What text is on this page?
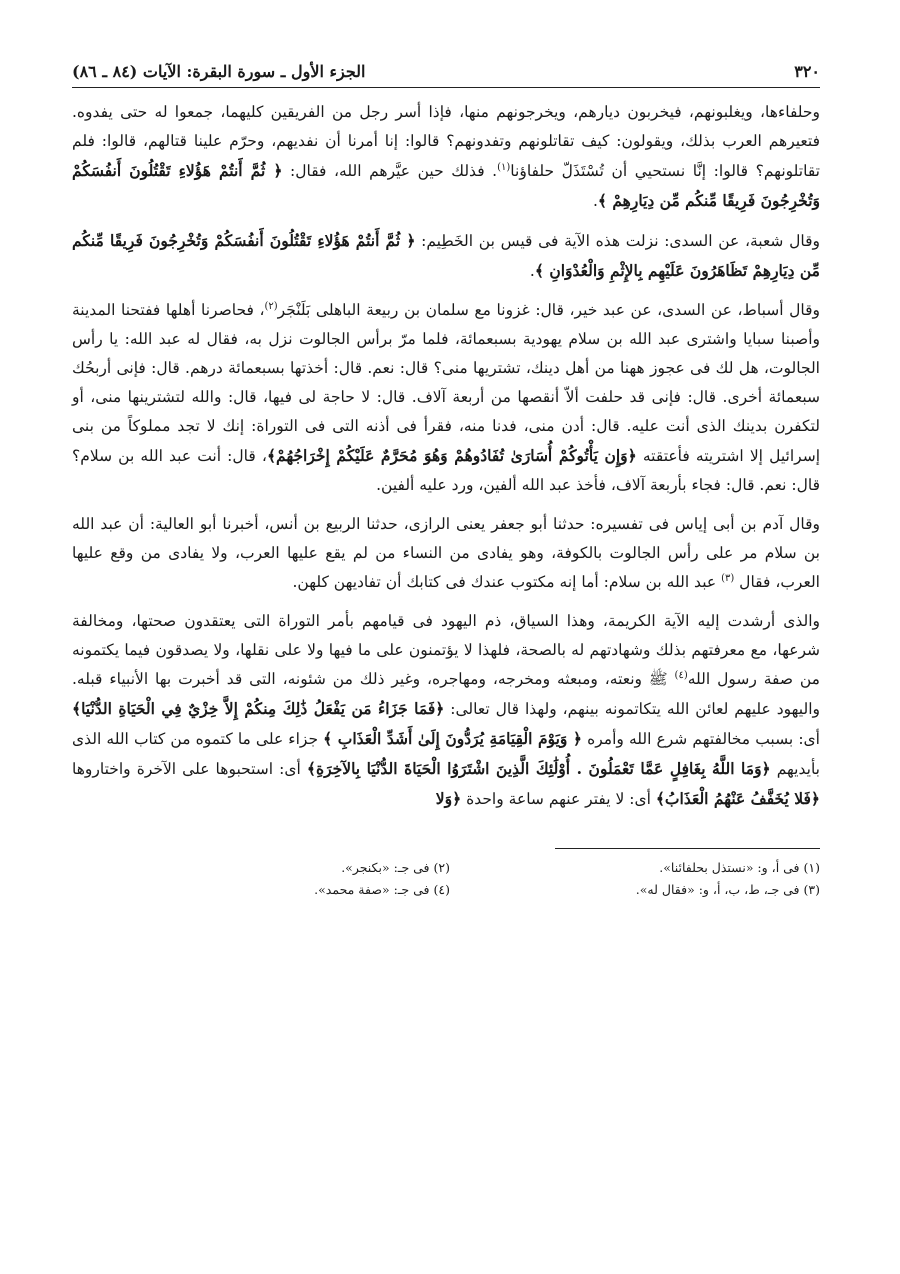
٣٢٠
الجزء الأول ـ سورة البقرة: الآيات (٨٤ ـ ٨٦)

وحلفاءها، ويغلبونهم، فيخربون ديارهم، ويخرجونهم منها، فإذا أسر رجل من الفريقين كليهما، جمعوا له حتى يفدوه. فتعيرهم العرب بذلك، ويقولون: كيف تقاتلونهم وتفدونهم؟ قالوا: إنا أمرنا أن نفديهم، وحرّم علينا قتالهم، قالوا: فلم تقاتلونهم؟ قالوا: إنَّا نستحيي أن تُسْتَذَلّ حلفاؤنا$^{(١)}$. فذلك حين عيَّرهم الله، فقال: ﴿ ثُمَّ أَنتُمْ هَؤُلاءِ تَقْتُلُونَ أَنفُسَكُمْ وَتُخْرِجُونَ فَرِيقًا مِّنكُم مِّن دِيَارِهِمْ ﴾.

وقال شعبة، عن السدى: نزلت هذه الآية فى قيس بن الخَطِيم: ﴿ ثُمَّ أَنتُمْ هَؤُلاءِ تَقْتُلُونَ أَنفُسَكُمْ وَتُخْرِجُونَ فَرِيقًا مِّنكُم مِّن دِيَارِهِمْ تَظَاهَرُونَ عَلَيْهِم بِالإِثْمِ وَالْعُدْوَانِ ﴾.

وقال أسباط، عن السدى، عن عبد خير، قال: غزونا مع سلمان بن ربيعة الباهلى بَلَنْجَر$^{(٢)}$، فحاصرنا أهلها ففتحنا المدينة وأصبنا سبايا واشترى عبد الله بن سلام يهودية بسبعمائة، فلما مرّ برأس الجالوت نزل به، فقال له عبد الله: يا رأس الجالوت، هل لك فى عجوز ههنا من أهل دينك، تشتريها منى؟ قال: نعم. قال: أخذتها بسبعمائة درهم. قال: فإنى أربحُك سبعمائة أخرى. قال: فإنى قد حلفت ألاّ أنقصها من أربعة آلاف. قال: لا حاجة لى فيها، قال: والله لتشترينها منى، أو لتكفرن بدينك الذى أنت عليه. قال: أدن منى، فدنا منه، فقرأ فى أذنه التى فى التوراة: إنك لا تجد مملوكاً من بنى إسرائيل إلا اشتريته فأعتقته ﴿وَإِن يَأْتُوكُمْ أُسَارَىٰ تُفَادُوهُمْ وَهُوَ مُحَرَّمٌ عَلَيْكُمْ إِخْرَاجُهُمْ﴾، قال: أنت عبد الله بن سلام؟ قال: نعم. قال: فجاء بأربعة آلاف، فأخذ عبد الله ألفين، ورد عليه ألفين.

وقال آدم بن أبى إياس فى تفسيره: حدثنا أبو جعفر يعنى الرازى، حدثنا الربيع بن أنس، أخبرنا أبو العالية: أن عبد الله بن سلام مر على رأس الجالوت بالكوفة، وهو يفادى من النساء من لم يقع عليها العرب، ولا يفادى من وقع عليها العرب، فقال $^{(٣)}$ عبد الله بن سلام: أما إنه مكتوب عندك فى كتابك أن تفاديهن كلهن.

والذى أرشدت إليه الآية الكريمة، وهذا السياق، ذم اليهود فى قيامهم بأمر التوراة التى يعتقدون صحتها، ومخالفة شرعها، مع معرفتهم بذلك وشهادتهم له بالصحة، فلهذا لا يؤتمنون على ما فيها ولا على نقلها، ولا يصدقون فيما يكتمونه من صفة رسول الله$^{(٤)}$ ﷺ ونعته، ومبعثه ومخرجه، ومهاجره، وغير ذلك من شئونه، التى قد أخبرت بها الأنبياء قبله. واليهود عليهم لعائن الله يتكاتمونه بينهم، ولهذا قال تعالى: ﴿فَمَا جَزَاءُ مَن يَفْعَلُ ذَٰلِكَ مِنكُمْ إِلاَّ خِزْيٌ فِي الْحَيَاةِ الدُّنْيَا﴾ أى: بسبب مخالفتهم شرع الله وأمره ﴿ وَيَوْمَ الْقِيَامَةِ يُرَدُّونَ إِلَىٰ أَشَدِّ الْعَذَابِ ﴾ جزاء على ما كتموه من كتاب الله الذى بأيديهم ﴿وَمَا اللَّهُ بِغَافِلٍ عَمَّا تَعْمَلُونَ . أُوْلَٰئِكَ الَّذِينَ اشْتَرَوُا الْحَيَاةَ الدُّنْيَا بِالآخِرَةِ﴾ أى: استحبوها على الآخرة واختاروها ﴿فَلا يُخَفَّفُ عَنْهُمُ الْعَذَابُ﴾ أى: لا يفتر عنهم ساعة واحدة ﴿وَلا

(١) فى أ، و: «نستذل بحلفائنا».
(٢) فى جـ: «بكنجر».
(٣) فى جـ، ط، ب، أ، و: «فقال له».
(٤) فى جـ: «صفة محمد».
